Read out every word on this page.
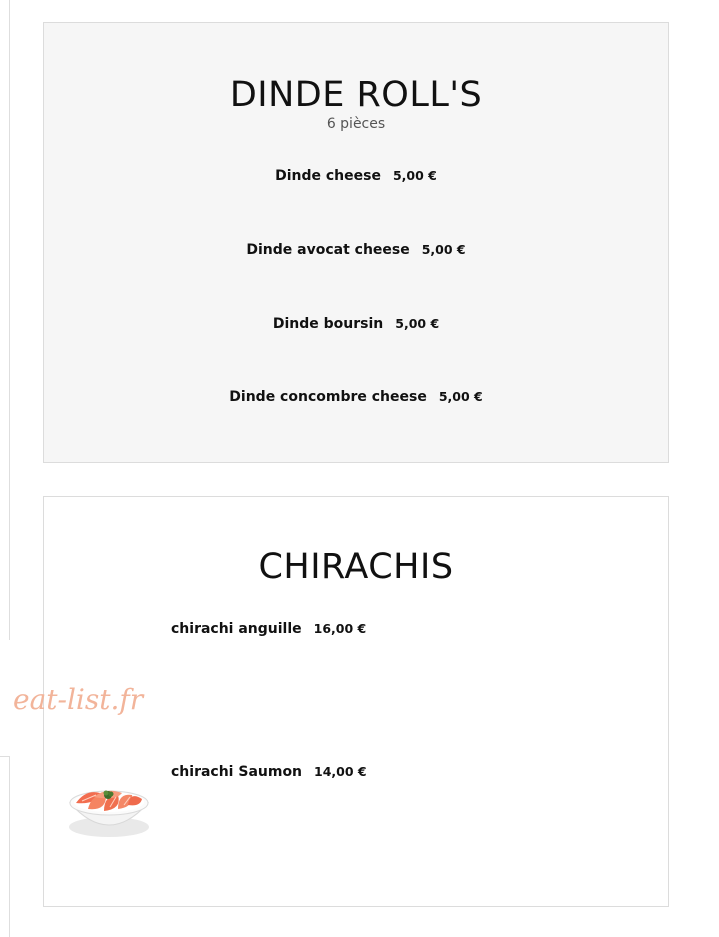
DINDE ROLL'S
6 pièces
Dinde cheese 5,00 €
Dinde avocat cheese 5,00 €
Dinde boursin 5,00 €
Dinde concombre cheese 5,00 €
CHIRACHIS
chirachi anguille 16,00 €
chirachi Saumon 14,00 €
eat-list.fr
